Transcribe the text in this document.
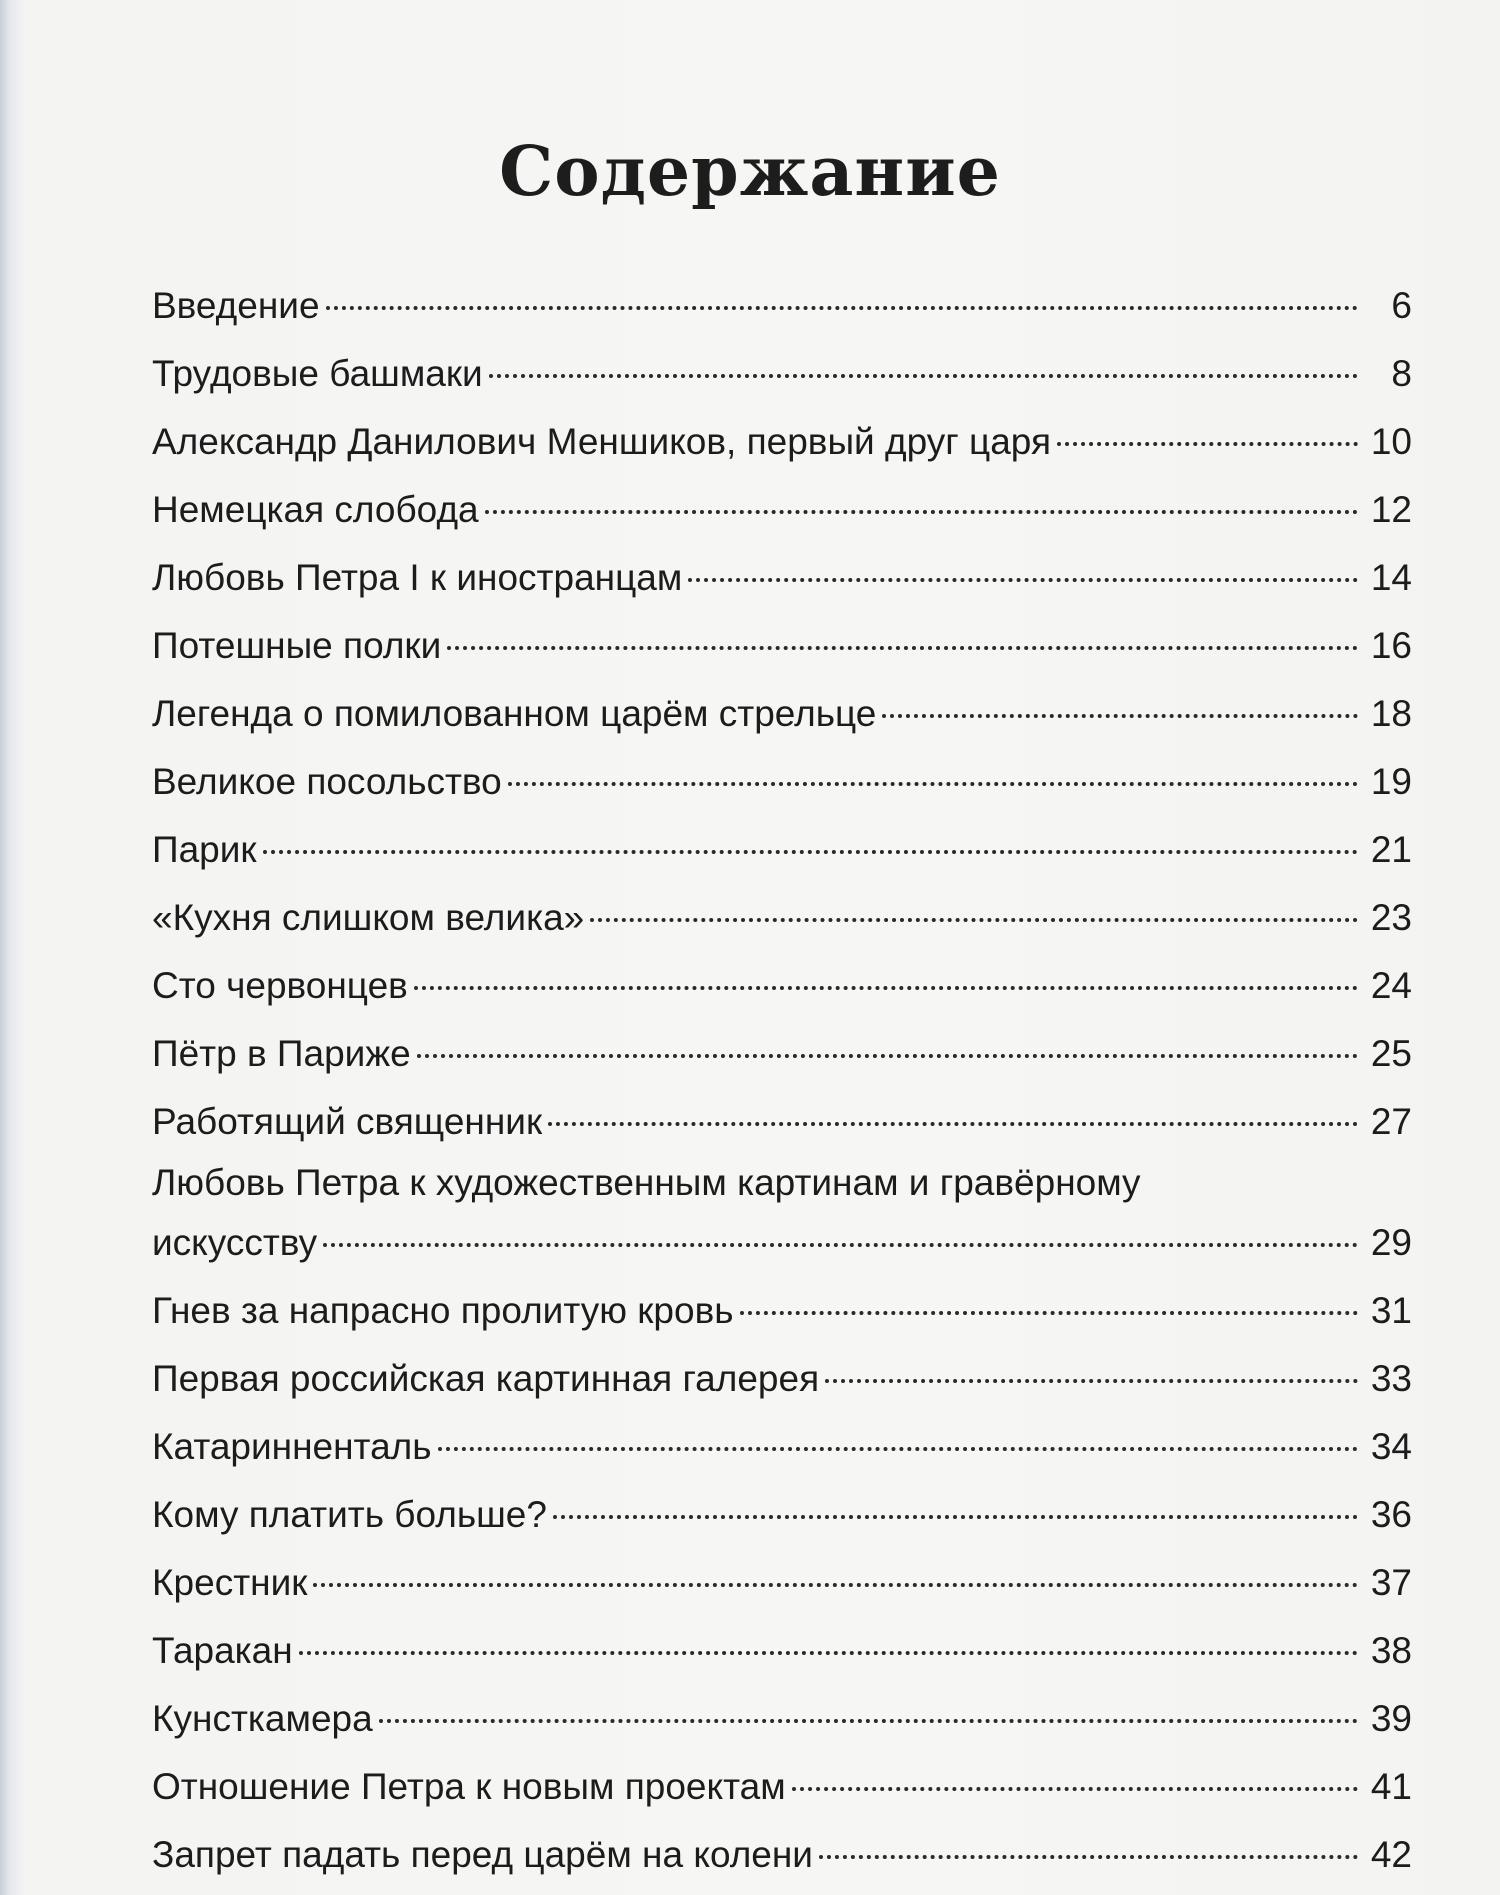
Содержание
Введение	6
Трудовые башмаки	8
Александр Данилович Меншиков, первый друг царя	10
Немецкая слобода	12
Любовь Петра I к иностранцам	14
Потешные полки	16
Легенда о помилованном царём стрельце	18
Великое посольство	19
Парик	21
«Кухня слишком велика»	23
Сто червонцев	24
Пётр в Париже	25
Работящий священник	27
Любовь Петра к художественным картинам и гравёрному
искусству	29
Гнев за напрасно пролитую кровь	31
Первая российская картинная галерея	33
Катаринненталь	34
Кому платить больше?	36
Крестник	37
Таракан	38
Кунсткамера	39
Отношение Петра к новым проектам	41
Запрет падать перед царём на колени	42
